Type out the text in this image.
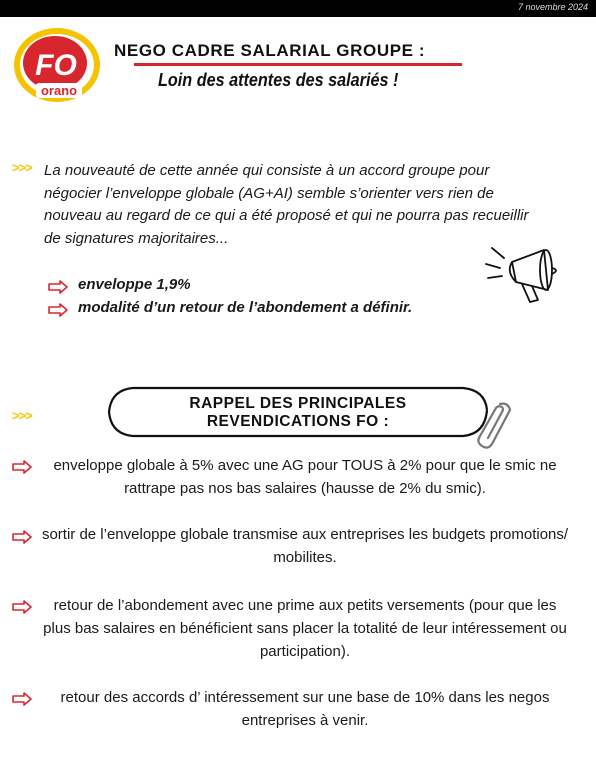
7 novembre 2024
FO
orano
NEGO CADRE SALARIAL GROUPE :
Loin des attentes des salariés !
>>> La nouveauté de cette année qui consiste à un accord groupe pour négocier l’enveloppe globale (AG+AI) semble s’orienter vers rien de nouveau au regard de ce qui a été proposé et qui ne pourra pas recueillir de signatures majoritaires...
enveloppe 1,9%
modalité d’un retour de l’abondement a définir.
>>>
RAPPEL DES PRINCIPALES
REVENDICATIONS FO :
enveloppe globale à 5% avec une AG pour TOUS à 2% pour que le smic ne rattrape pas nos bas salaires (hausse de 2% du smic).
sortir de l’enveloppe globale transmise aux entreprises les budgets promotions/ mobilites.
retour de l’abondement avec une prime aux petits versements (pour que les plus bas salaires en bénéficient sans placer la totalité de leur intéressement ou participation).
retour des accords d’ intéressement sur une base de 10% dans les negos entreprises à venir.
